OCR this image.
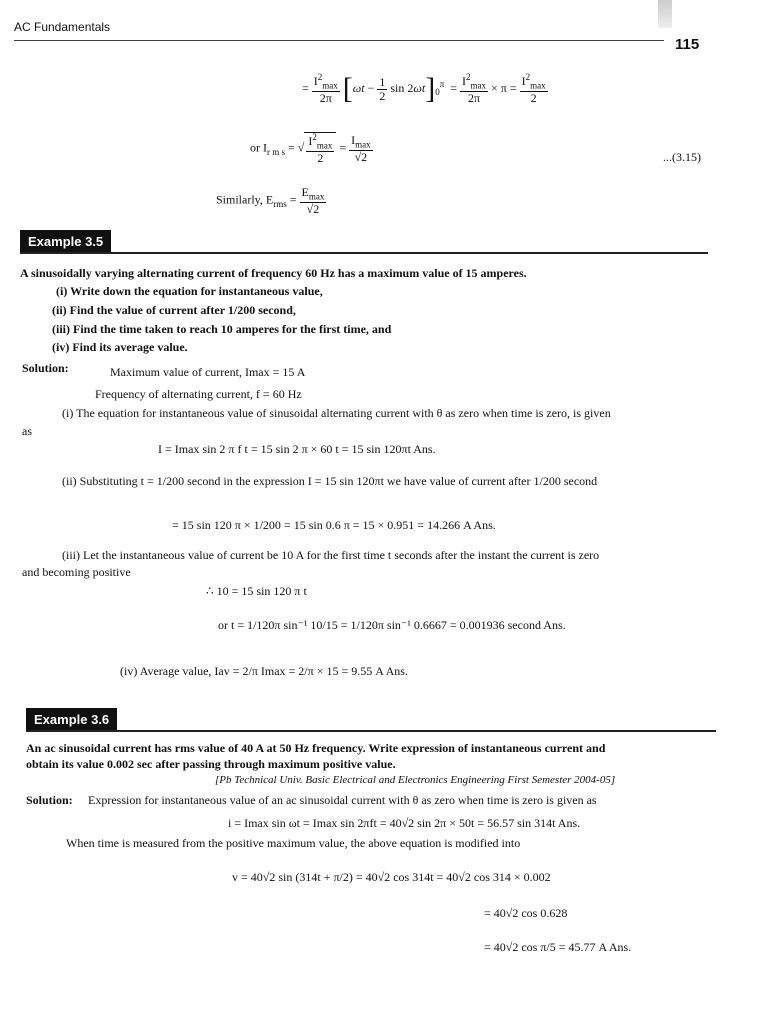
AC Fundamentals
115
= $\frac{I^2_{max}}{2\pi} [\omega t - \frac{1}{2}$ $\sin 2\omega t]_0^\pi = \frac{I^2_{max}}{2\pi} \times \pi = \frac{I^2_{max}}{2}$
or $I_{r m s}$ = √ $\frac{I^2_{max}}{2} = \frac{I_{max}}{√2}$	...(3.15)
Similarly, $E_{rms} = \frac{E_{max}}{√2}$
Example 3.5
A sinusoidally varying alternating current of frequency 60 Hz has a maximum value of 15 amperes.
(i) Write down the equation for instantaneous value,
(ii) Find the value of current after 1/200 second,
(iii) Find the time taken to reach 10 amperes for the first time, and
(iv) Find its average value.
Solution:	Maximum value of current, Imax = 15 A
Frequency of alternating current, f = 60 Hz
(i) The equation for instantaneous value of sinusoidal alternating current with θ as zero when time is zero, is given
as
I = Imax sin 2 π f t = 15 sin 2 π × 60 t = 15 sin 120πt Ans.
(ii) Substituting t = 1/200 second in the expression I = 15 sin 120πt we have value of current after 1/200 second
= 15 sin 120 π × 1/200 = 15 sin 0.6 π = 15 × 0.951 = 14.266 A Ans.
(iii) Let the instantaneous value of current be 10 A for the first time t seconds after the instant the current is zero
and becoming positive
∴ 10 = 15 sin 120 π t
or t = 1/120π sin⁻¹ 10/15 = 1/120π sin⁻¹ 0.6667 = 0.001936 second Ans.
(iv) Average value, Iav = 2/π Imax = 2/π × 15 = 9.55 A Ans.
Example 3.6
An ac sinusoidal current has rms value of 40 A at 50 Hz frequency. Write expression of instantaneous current and
obtain its value 0.002 sec after passing through maximum positive value.
[Pb Technical Univ. Basic Electrical and Electronics Engineering First Semester 2004-05]
Solution: Expression for instantaneous value of an ac sinusoidal current with θ as zero when time is zero is given as
i = Imax sin ωt = Imax sin 2πft = 40√2 sin 2π × 50t = 56.57 sin 314t Ans.
When time is measured from the positive maximum value, the above equation is modified into
v = 40√2 sin (314t + π/2) = 40√2 cos 314t = 40√2 cos 314 × 0.002
= 40√2 cos 0.628
= 40√2 cos π/5 = 45.77 A Ans.
